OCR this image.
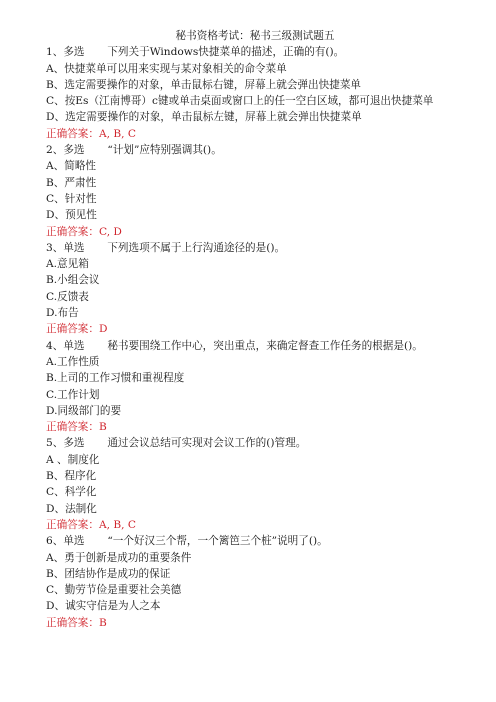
秘书资格考试：秘书三级测试题五
1、多选 下列关于Windows快捷菜单的描述，正确的有()。
A、快捷菜单可以用来实现与某对象相关的命令菜单
B、选定需要操作的对象，单击鼠标右键，屏幕上就会弹出快捷菜单
C、按Es（江南博哥）c键或单击桌面或窗口上的任一空白区域，都可退出快捷菜单
D、选定需要操作的对象，单击鼠标左键，屏幕上就会弹出快捷菜单
正确答案：A, B, C
2、多选 “计划”应特别强调其()。
A、简略性
B、严肃性
C、针对性
D、预见性
正确答案：C, D
3、单选 下列选项不属于上行沟通途径的是()。
A.意见箱
B.小组会议
C.反馈表
D.布告
正确答案：D
4、单选 秘书要围绕工作中心，突出重点，来确定督查工作任务的根据是()。
A.工作性质
B.上司的工作习惯和重视程度
C.工作计划
D.同级部门的要
正确答案：B
5、多选 通过会议总结可实现对会议工作的()管理。
A 、制度化
B、程序化
C、科学化
D、法制化
正确答案：A, B, C
6、单选 “一个好汉三个帮，一个篱笆三个桩”说明了()。
A、勇于创新是成功的重要条件
B、团结协作是成功的保证
C、勤劳节俭是重要社会美德
D、诚实守信是为人之本
正确答案：B
